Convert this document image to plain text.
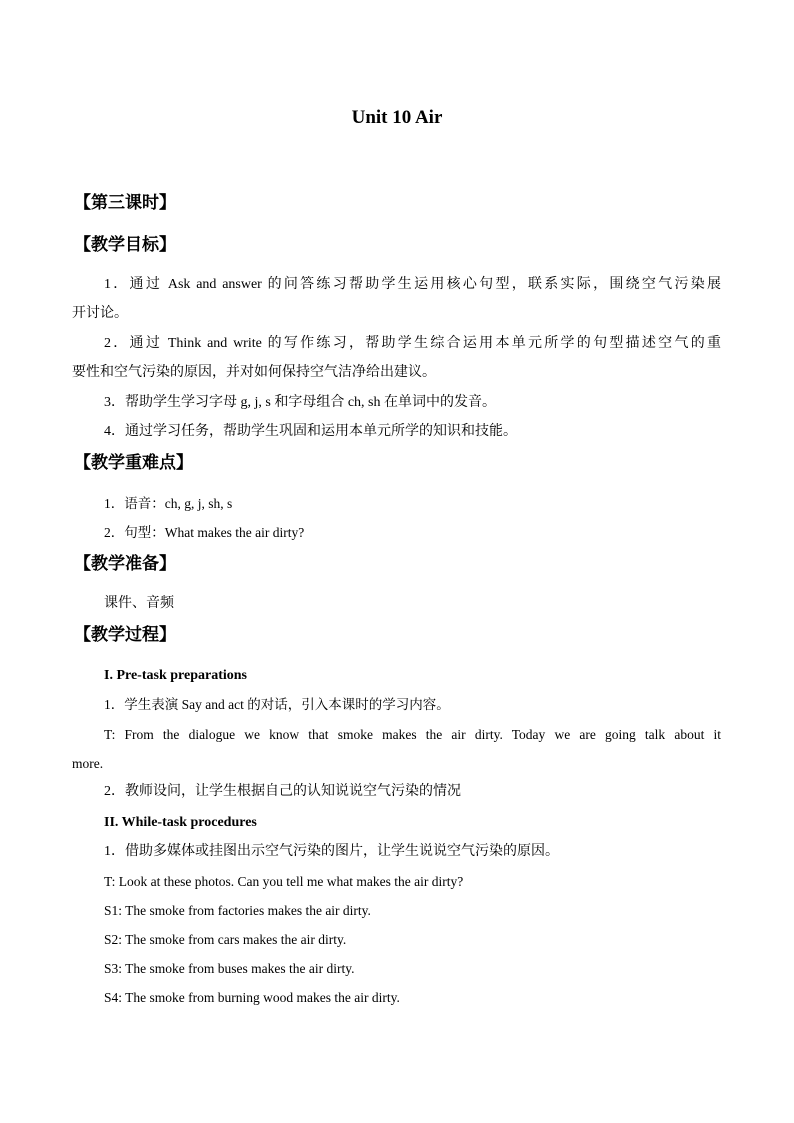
Unit 10 Air
【第三课时】
【教学目标】
1．通过 Ask and answer 的问答练习帮助学生运用核心句型，联系实际，围绕空气污染展
开讨论。
2．通过 Think and write 的写作练习，帮助学生综合运用本单元所学的句型描述空气的重
要性和空气污染的原因，并对如何保持空气洁净给出建议。
3．帮助学生学习字母 g, j, s 和字母组合 ch, sh 在单词中的发音。
4．通过学习任务，帮助学生巩固和运用本单元所学的知识和技能。
【教学重难点】
1．语音：ch, g, j, sh, s
2．句型：What makes the air dirty?
【教学准备】
课件、音频
【教学过程】
I. Pre-task preparations
1．学生表演 Say and act 的对话，引入本课时的学习内容。
T: From the dialogue we know that smoke makes the air dirty. Today we are going talk about it
more.
2．教师设问，让学生根据自己的认知说说空气污染的情况
II. While-task procedures
1．借助多媒体或挂图出示空气污染的图片，让学生说说空气污染的原因。
T: Look at these photos. Can you tell me what makes the air dirty?
S1: The smoke from factories makes the air dirty.
S2: The smoke from cars makes the air dirty.
S3: The smoke from buses makes the air dirty.
S4: The smoke from burning wood makes the air dirty.
